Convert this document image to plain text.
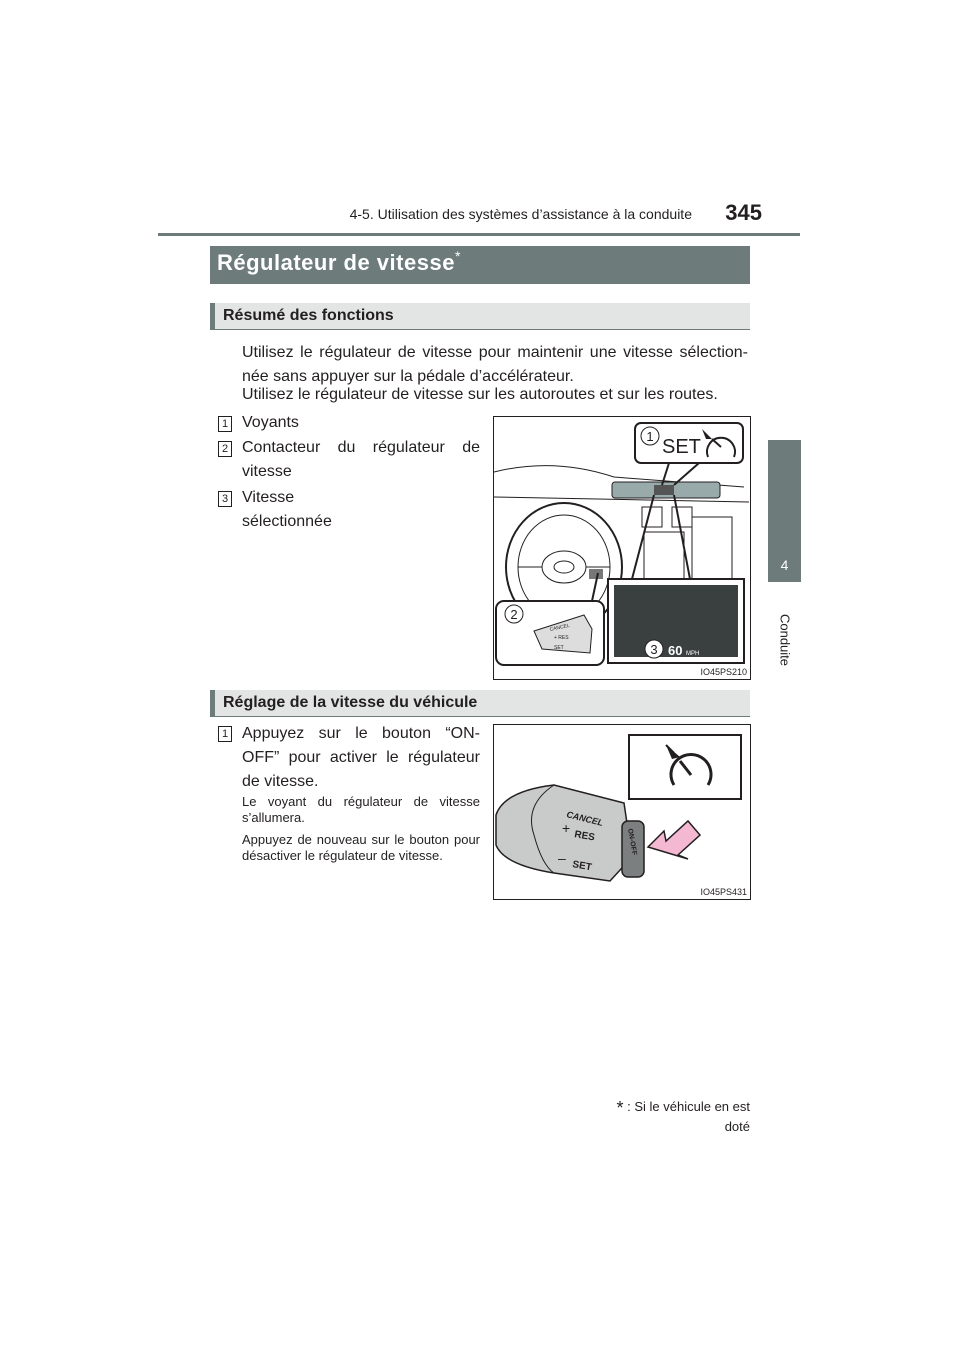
4-5. Utilisation des systèmes d’assistance à la conduite	345
4
Conduite
Régulateur de vitesse*
Résumé des fonctions
Utilisez le régulateur de vitesse pour maintenir une vitesse sélection-née sans appuyer sur la pédale d’accélérateur.
Utilisez le régulateur de vitesse sur les autoroutes et sur les routes.
1 Voyants
2 Contacteur du régulateur de
vitesse
3 Vitesse sélectionnée
1 SET
3 60 MPH
2
CANCEL
+ RES
SET
IO45PS210
Réglage de la vitesse du véhicule
1 Appuyez sur le bouton “ON-
OFF” pour activer le régulateur
de vitesse.
Le voyant du régulateur de vitesse s’allumera.
Appuyez de nouveau sur le bouton pour désactiver le régulateur de vitesse.
CANCEL
+
RES
–
SET
ON-OFF
IO45PS431
* : Si le véhicule en est doté
